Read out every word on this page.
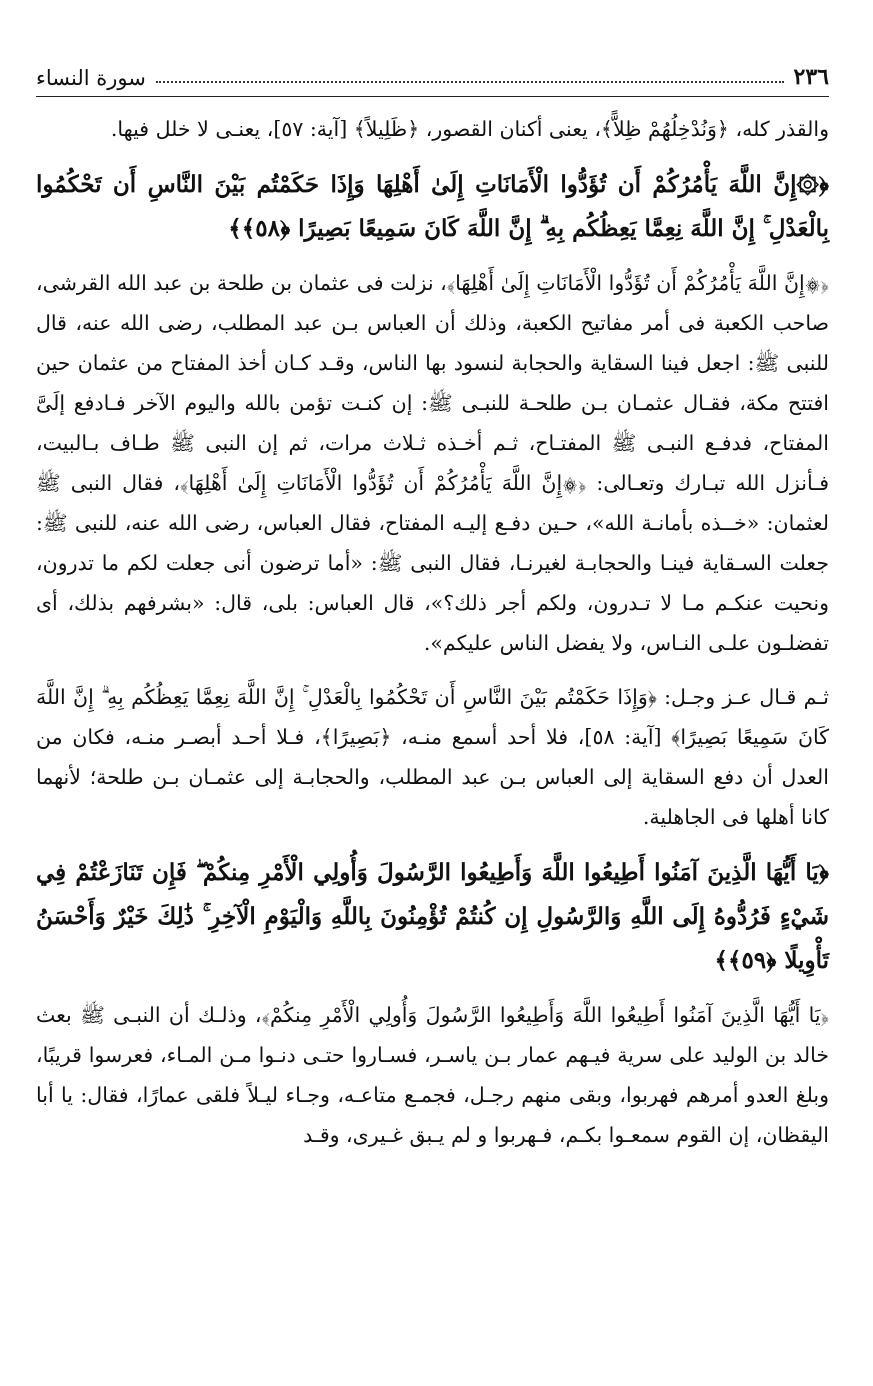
٢٣٦
سورة النساء

والقذر كله، ﴿وَنُدْخِلُهُمْ ظِلاًّ﴾، يعنى أكنان القصور، ﴿ظَلِيلاً﴾ [آية: ٥٧]، يعنـى لا خلل فيها.

﴿۞إِنَّ اللَّهَ يَأْمُرُكُمْ أَن تُؤَدُّوا الْأَمَانَاتِ إِلَىٰ أَهْلِهَا وَإِذَا حَكَمْتُم بَيْنَ النَّاسِ أَن تَحْكُمُوا بِالْعَدْلِ ۚ إِنَّ اللَّهَ نِعِمَّا يَعِظُكُم بِهِ ۗ إِنَّ اللَّهَ كَانَ سَمِيعًا بَصِيرًا ﴿٥٨﴾﴾

﴿۞إِنَّ اللَّهَ يَأْمُرُكُمْ أَن تُؤَدُّوا الْأَمَانَاتِ إِلَىٰ أَهْلِهَا﴾، نزلت فى عثمان بن طلحة بن عبد الله القرشى، صاحب الكعبة فى أمر مفاتيح الكعبة، وذلك أن العباس بـن عبد المطلب، رضى الله عنه، قال للنبى ﷺ: اجعل فينا السقاية والحجابة لنسود بها الناس، وقـد كـان أخذ المفتاح من عثمان حين افتتح مكة، فقـال عثمـان بـن طلحـة للنبـى ﷺ: إن كنـت تؤمن بالله واليوم الآخر فـادفع إلَىَّ المفتاح، فدفـع النبـى ﷺ المفتـاح، ثـم أخـذه ثـلاث مرات، ثم إن النبى ﷺ طـاف بـالبيت، فـأنزل الله تبـارك وتعـالى: ﴿۞إِنَّ اللَّهَ يَأْمُرُكُمْ أَن تُؤَدُّوا الْأَمَانَاتِ إِلَىٰ أَهْلِهَا﴾، فقال النبى ﷺ لعثمان: «خــذه بأمانـة الله»، حـين دفـع إليـه المفتاح، فقال العباس، رضى الله عنه، للنبى ﷺ: جعلت السـقاية فينـا والحجابـة لغيرنـا، فقال النبى ﷺ: «أما ترضون أنى جعلت لكم ما تدرون، ونحيت عنكـم مـا لا تـدرون، ولكم أجر ذلك؟»، قال العباس: بلى، قال: «بشرفهم بذلك، أى تفضلـون علـى النـاس، ولا يفضل الناس عليكم».

ثـم قـال عـز وجـل: ﴿وَإِذَا حَكَمْتُم بَيْنَ النَّاسِ أَن تَحْكُمُوا بِالْعَدْلِ ۚ إِنَّ اللَّهَ نِعِمَّا يَعِظُكُم بِهِ ۗ إِنَّ اللَّهَ كَانَ سَمِيعًا بَصِيرًا﴾ [آية: ٥٨]، فلا أحد أسمع منـه، ﴿بَصِيرًا﴾، فـلا أحـد أبصـر منـه، فكان من العدل أن دفع السقاية إلى العباس بـن عبد المطلب، والحجابـة إلى عثمـان بـن طلحة؛ لأنهما كانا أهلها فى الجاهلية.

﴿يَا أَيُّهَا الَّذِينَ آمَنُوا أَطِيعُوا اللَّهَ وَأَطِيعُوا الرَّسُولَ وَأُولِي الْأَمْرِ مِنكُمْ ۖ فَإِن تَنَازَعْتُمْ فِي شَيْءٍ فَرُدُّوهُ إِلَى اللَّهِ وَالرَّسُولِ إِن كُنتُمْ تُؤْمِنُونَ بِاللَّهِ وَالْيَوْمِ الْآخِرِ ۚ ذَٰلِكَ خَيْرٌ وَأَحْسَنُ تَأْوِيلًا ﴿٥٩﴾﴾

﴿يَا أَيُّهَا الَّذِينَ آمَنُوا أَطِيعُوا اللَّهَ وَأَطِيعُوا الرَّسُولَ وَأُولِي الْأَمْرِ مِنكُمْ﴾، وذلـك أن النبـى ﷺ بعث خالد بن الوليد على سرية فيـهم عمار بـن ياسـر، فسـاروا حتـى دنـوا مـن المـاء، فعرسوا قريبًا، وبلغ العدو أمرهم فهربوا، وبقى منهم رجـل، فجمـع متاعـه، وجـاء ليـلاً فلقى عمارًا، فقال: يا أبا اليقظان، إن القوم سمعـوا بكـم، فـهربوا و لم يـبق غـيرى، وقـد
